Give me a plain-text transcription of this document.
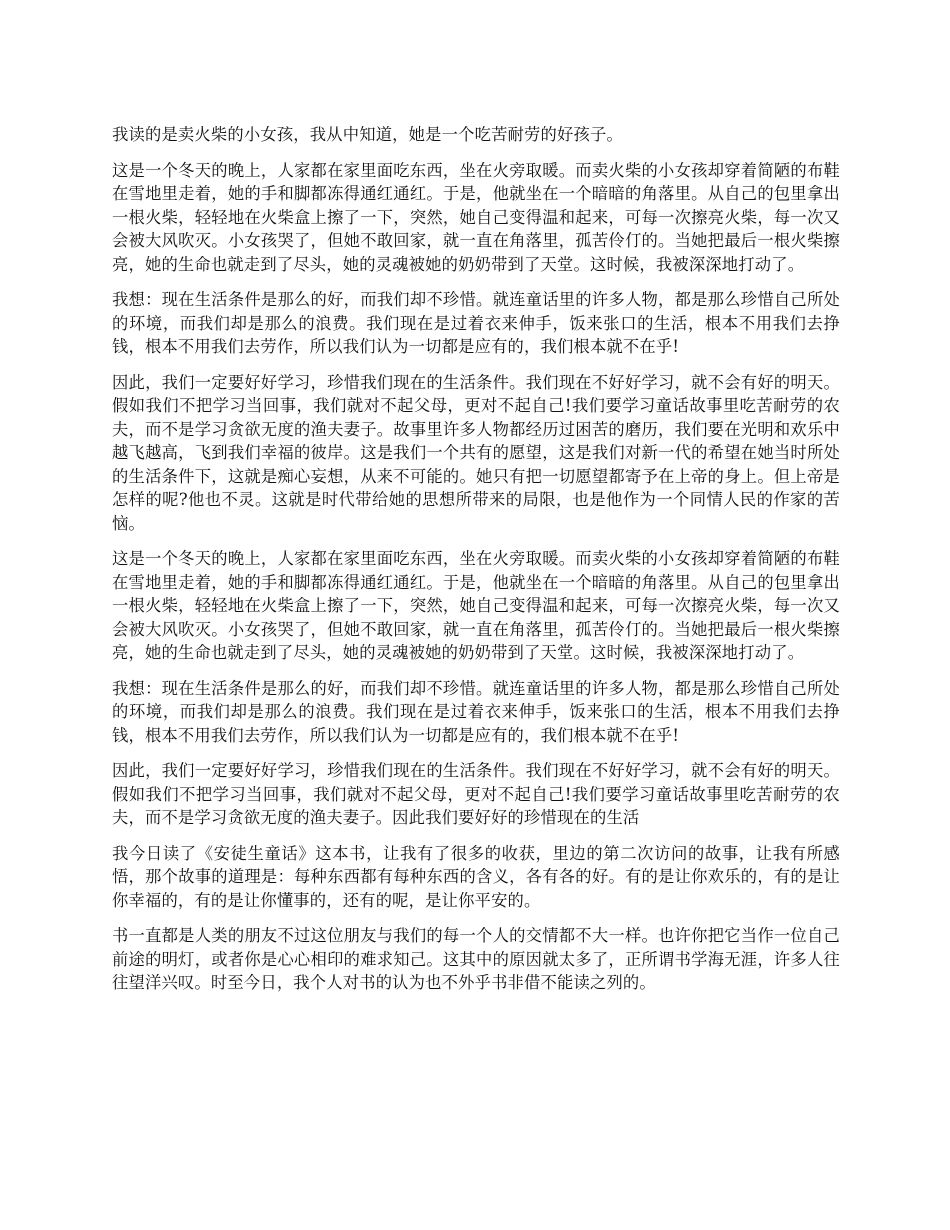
我读的是卖火柴的小女孩，我从中知道，她是一个吃苦耐劳的好孩子。

这是一个冬天的晚上，人家都在家里面吃东西，坐在火旁取暖。而卖火柴的小女孩却穿着简陋的布鞋在雪地里走着，她的手和脚都冻得通红通红。于是，他就坐在一个暗暗的角落里。从自己的包里拿出一根火柴，轻轻地在火柴盒上擦了一下，突然，她自己变得温和起来，可每一次擦亮火柴，每一次又会被大风吹灭。小女孩哭了，但她不敢回家，就一直在角落里，孤苦伶仃的。当她把最后一根火柴擦亮，她的生命也就走到了尽头，她的灵魂被她的奶奶带到了天堂。这时候，我被深深地打动了。

我想：现在生活条件是那么的好，而我们却不珍惜。就连童话里的许多人物，都是那么珍惜自己所处的环境，而我们却是那么的浪费。我们现在是过着衣来伸手，饭来张口的生活，根本不用我们去挣钱，根本不用我们去劳作，所以我们认为一切都是应有的，我们根本就不在乎!

因此，我们一定要好好学习，珍惜我们现在的生活条件。我们现在不好好学习，就不会有好的明天。假如我们不把学习当回事，我们就对不起父母，更对不起自己!我们要学习童话故事里吃苦耐劳的农夫，而不是学习贪欲无度的渔夫妻子。故事里许多人物都经历过困苦的磨历，我们要在光明和欢乐中越飞越高，飞到我们幸福的彼岸。这是我们一个共有的愿望，这是我们对新一代的希望在她当时所处的生活条件下，这就是痴心妄想，从来不可能的。她只有把一切愿望都寄予在上帝的身上。但上帝是怎样的呢?他也不灵。这就是时代带给她的思想所带来的局限，也是他作为一个同情人民的作家的苦恼。

这是一个冬天的晚上，人家都在家里面吃东西，坐在火旁取暖。而卖火柴的小女孩却穿着简陋的布鞋在雪地里走着，她的手和脚都冻得通红通红。于是，他就坐在一个暗暗的角落里。从自己的包里拿出一根火柴，轻轻地在火柴盒上擦了一下，突然，她自己变得温和起来，可每一次擦亮火柴，每一次又会被大风吹灭。小女孩哭了，但她不敢回家，就一直在角落里，孤苦伶仃的。当她把最后一根火柴擦亮，她的生命也就走到了尽头，她的灵魂被她的奶奶带到了天堂。这时候，我被深深地打动了。

我想：现在生活条件是那么的好，而我们却不珍惜。就连童话里的许多人物，都是那么珍惜自己所处的环境，而我们却是那么的浪费。我们现在是过着衣来伸手，饭来张口的生活，根本不用我们去挣钱，根本不用我们去劳作，所以我们认为一切都是应有的，我们根本就不在乎!

因此，我们一定要好好学习，珍惜我们现在的生活条件。我们现在不好好学习，就不会有好的明天。假如我们不把学习当回事，我们就对不起父母，更对不起自己!我们要学习童话故事里吃苦耐劳的农夫，而不是学习贪欲无度的渔夫妻子。因此我们要好好的珍惜现在的生活

我今日读了《安徒生童话》这本书，让我有了很多的收获，里边的第二次访问的故事，让我有所感悟，那个故事的道理是：每种东西都有每种东西的含义，各有各的好。有的是让你欢乐的，有的是让你幸福的，有的是让你懂事的，还有的呢，是让你平安的。

书一直都是人类的朋友不过这位朋友与我们的每一个人的交情都不大一样。也许你把它当作一位自己前途的明灯，或者你是心心相印的难求知己。这其中的原因就太多了，正所谓书学海无涯，许多人往往望洋兴叹。时至今日，我个人对书的认为也不外乎书非借不能读之列的。
